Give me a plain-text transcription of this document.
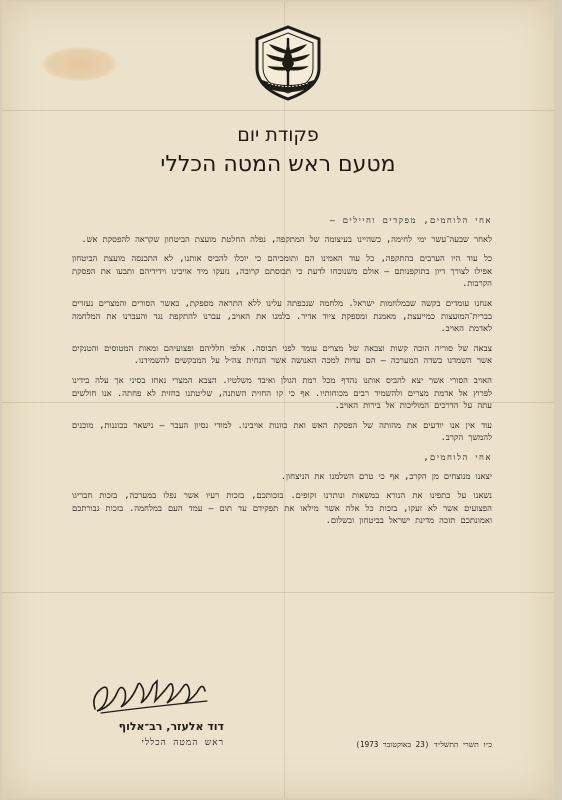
פקודת יום
מטעם ראש המטה הכללי

אחי הלוחמים, מפקדים וחיילים —

לאחר שבעה־עשר ימי לחימה, כשהיינו בעיצומה של המתקפה, נפלה החלטת מועצת הביטחון שקראה להפסקת אש.

כל עוד היו הערבים בהתקפה, כל עוד האמינו הם ותומכיהם כי יוכלו להביס אותנו, לא התכנסה מועצת הביטחון אפילו לצורך דיון בתוקפנותם — אולם משנוכחו לדעת כי תבוסתם קרובה, נזעקו מיד אויבינו וידידיהם ותבעו את הפסקת הקרבות.

אנחנו עומדים בקשה שבמלחמות ישראל. מלחמה שנכפתה עלינו ללא התראה מספקת, כאשר הסורים והמצרים נעזרים בברית־המועצות כמייעצת, מאמנת ומספקת ציוד אדיר. בלמנו את האויב, עברנו להתקפת נגד והעברנו את המלחמה לאדמת האויב.

צבאה של סוריה הוכה קשות וצבאה של מצרים עומד לפני תבוסה. אלפי חלליהם ופצועיהם ומאות המטוסים והטנקים אשר השמדנו בשדה המערכה — הם עדות למכה האנושה אשר הנחית צה״ל על המבקשים להשמידנו.

האויב הסורי אשר יצא להביס אותנו נהדף מכל רמת הגולן ואיבד משלטיו. הצבא המצרי נאחז בסיני אך עלה בידינו לפרוץ אל אדמת מצרים ולהשמיד רבים מכוחותיו. אף כי קו החזית השתנה, שליטתנו בחזית לא פחתה. אנו חולשים עתה על הדרכים המוליכות אל בירות האויב.

עוד אין אנו יודעים את מהותה של הפסקת האש ואת כוונות אויבינו. למודי נסיון העבר — נישאר בכוננות, מוכנים להמשך הקרב.

אחי הלוחמים,

יצאנו מנוצחים מן הקרב, אף כי טרם השלמנו את הניצחון.

נשאנו על כתפינו את הנורא במשאות ונותרנו זקופים. בזכותכם, בזכות רעיו אשר נפלו במערכה, בזכות חבריגו הפצועים אשר לא זעקו, בזכות כל אלה אשר מילאו את תפקידם עד תום — עמד העם במלחמה. בזכות גבורתכם ואמונתכם תזכה מדינת ישראל בביטחון ובשלום.

דוד אלעזר, רב־אלוף
ראש המטה הכללי	כ״ז תשרי התשל״ד (23 באוקטובר 1973)
